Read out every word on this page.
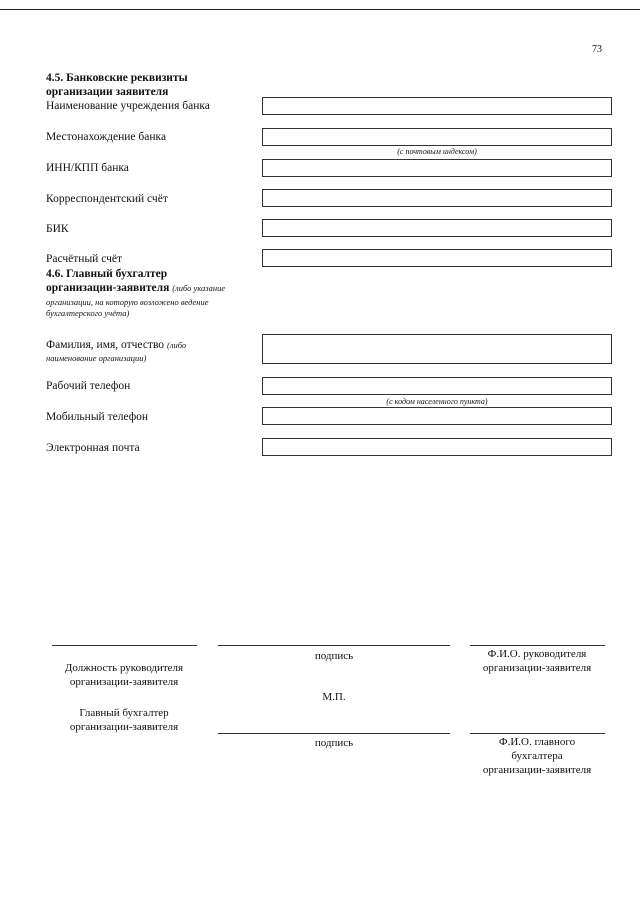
73
4.5. Банковские реквизиты
организации заявителя
Наименование учреждения банка
Местонахождение банка
(с почтовым индексом)
ИНН/КПП банка
Корреспондентский счёт
БИК
Расчётный счёт
4.6. Главный бухгалтер
организации-заявителя (либо указание
организации, на которую возложено ведение
бухгалтерского учёта)
Фамилия, имя, отчество (либо
наименование организации)
Рабочий телефон
(с кодом населенного пункта)
Мобильный телефон
Электронная почта
подпись	Ф.И.О. руководителя
организации-заявителя
Должность руководителя
организации-заявителя
М.П.
Главный бухгалтер
организации-заявителя
подпись	Ф.И.О. главного
бухгалтера
организации-заявителя
